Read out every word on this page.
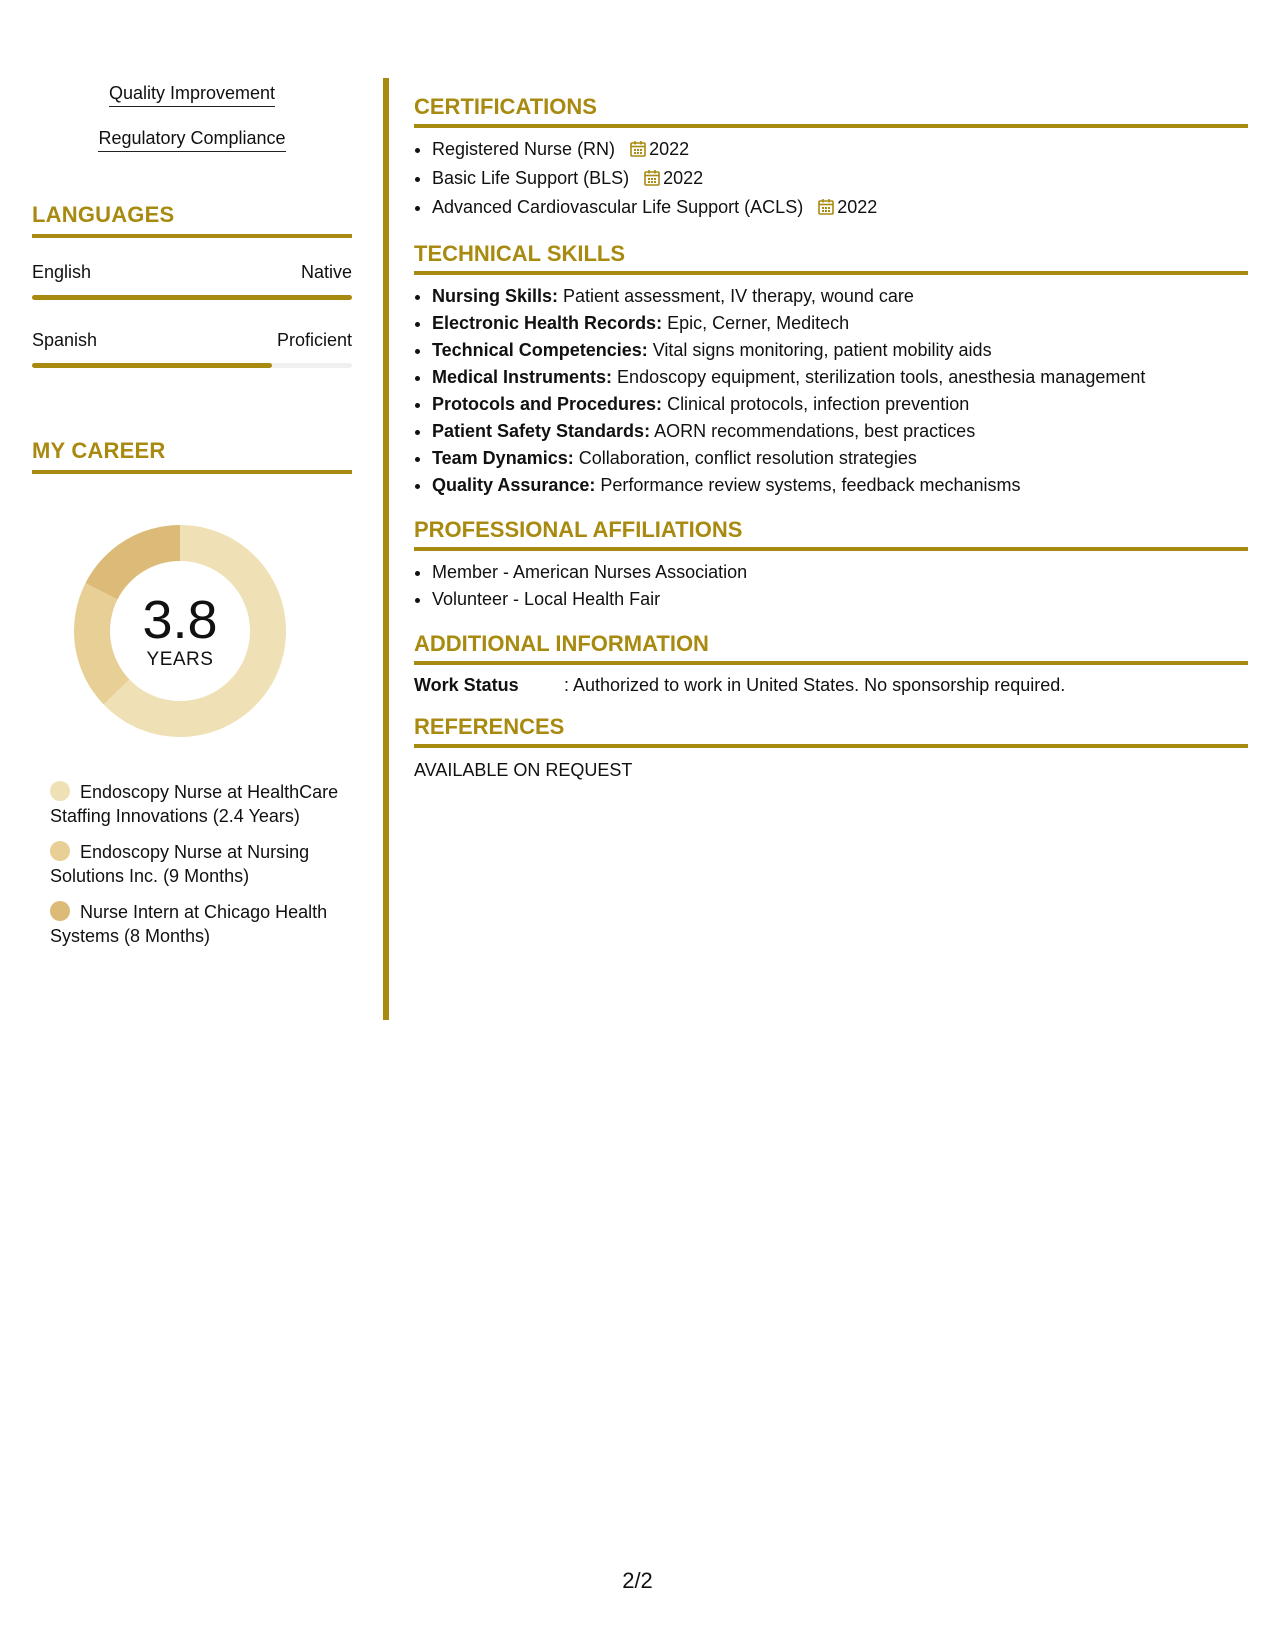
Quality Improvement
Regulatory Compliance
LANGUAGES
English	Native
Spanish	Proficient
MY CAREER
3.8
YEARS
Endoscopy Nurse at HealthCare Staffing Innovations (2.4 Years)
Endoscopy Nurse at Nursing Solutions Inc. (9 Months)
Nurse Intern at Chicago Health Systems (8 Months)
CERTIFICATIONS
• Registered Nurse (RN) 2022
• Basic Life Support (BLS) 2022
• Advanced Cardiovascular Life Support (ACLS) 2022
TECHNICAL SKILLS
• Nursing Skills: Patient assessment, IV therapy, wound care
• Electronic Health Records: Epic, Cerner, Meditech
• Technical Competencies: Vital signs monitoring, patient mobility aids
• Medical Instruments: Endoscopy equipment, sterilization tools, anesthesia management
• Protocols and Procedures: Clinical protocols, infection prevention
• Patient Safety Standards: AORN recommendations, best practices
• Team Dynamics: Collaboration, conflict resolution strategies
• Quality Assurance: Performance review systems, feedback mechanisms
PROFESSIONAL AFFILIATIONS
• Member - American Nurses Association
• Volunteer - Local Health Fair
ADDITIONAL INFORMATION
Work Status	: Authorized to work in United States. No sponsorship required.
REFERENCES
AVAILABLE ON REQUEST
2/2
